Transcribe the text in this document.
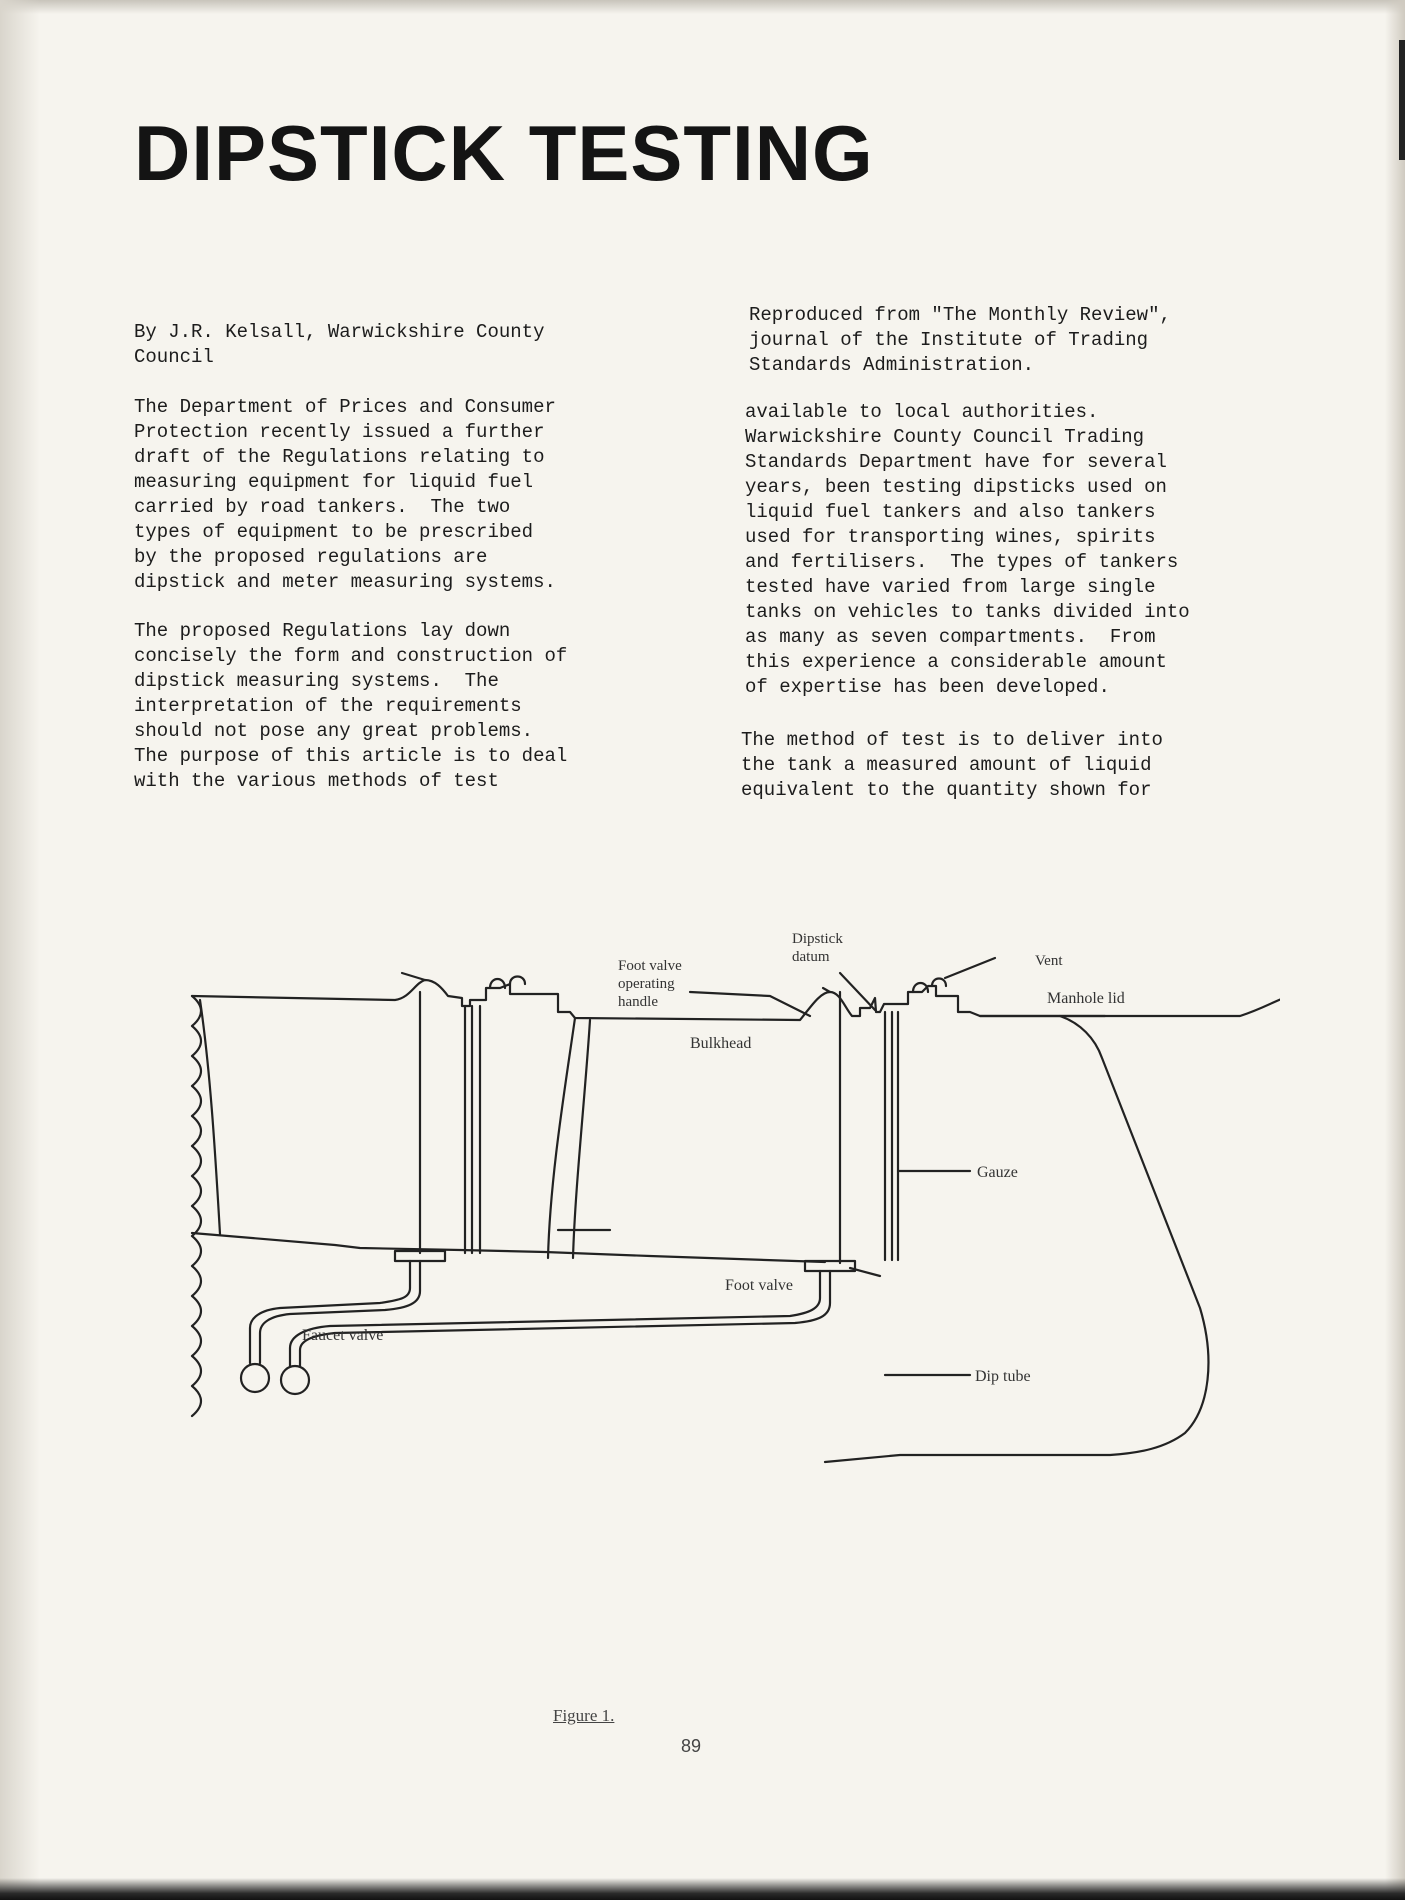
DIPSTICK TESTING
By J.R. Kelsall, Warwickshire County
Council
The Department of Prices and Consumer
Protection recently issued a further
draft of the Regulations relating to
measuring equipment for liquid fuel
carried by road tankers.  The two
types of equipment to be prescribed
by the proposed regulations are
dipstick and meter measuring systems.
The proposed Regulations lay down
concisely the form and construction of
dipstick measuring systems.  The
interpretation of the requirements
should not pose any great problems.
The purpose of this article is to deal
with the various methods of test
Reproduced from "The Monthly Review",
journal of the Institute of Trading
Standards Administration.
available to local authorities.
Warwickshire County Council Trading
Standards Department have for several
years, been testing dipsticks used on
liquid fuel tankers and also tankers
used for transporting wines, spirits
and fertilisers.  The types of tankers
tested have varied from large single
tanks on vehicles to tanks divided into
as many as seven compartments.  From
this experience a considerable amount
of expertise has been developed.
The method of test is to deliver into
the tank a measured amount of liquid
equivalent to the quantity shown for
Foot valve
operating
handle
Dipstick
datum	Vent
Manhole lid
Gauze
Bulkhead
Dip tube
Foot valve
Faucet valve
Figure 1.
89
